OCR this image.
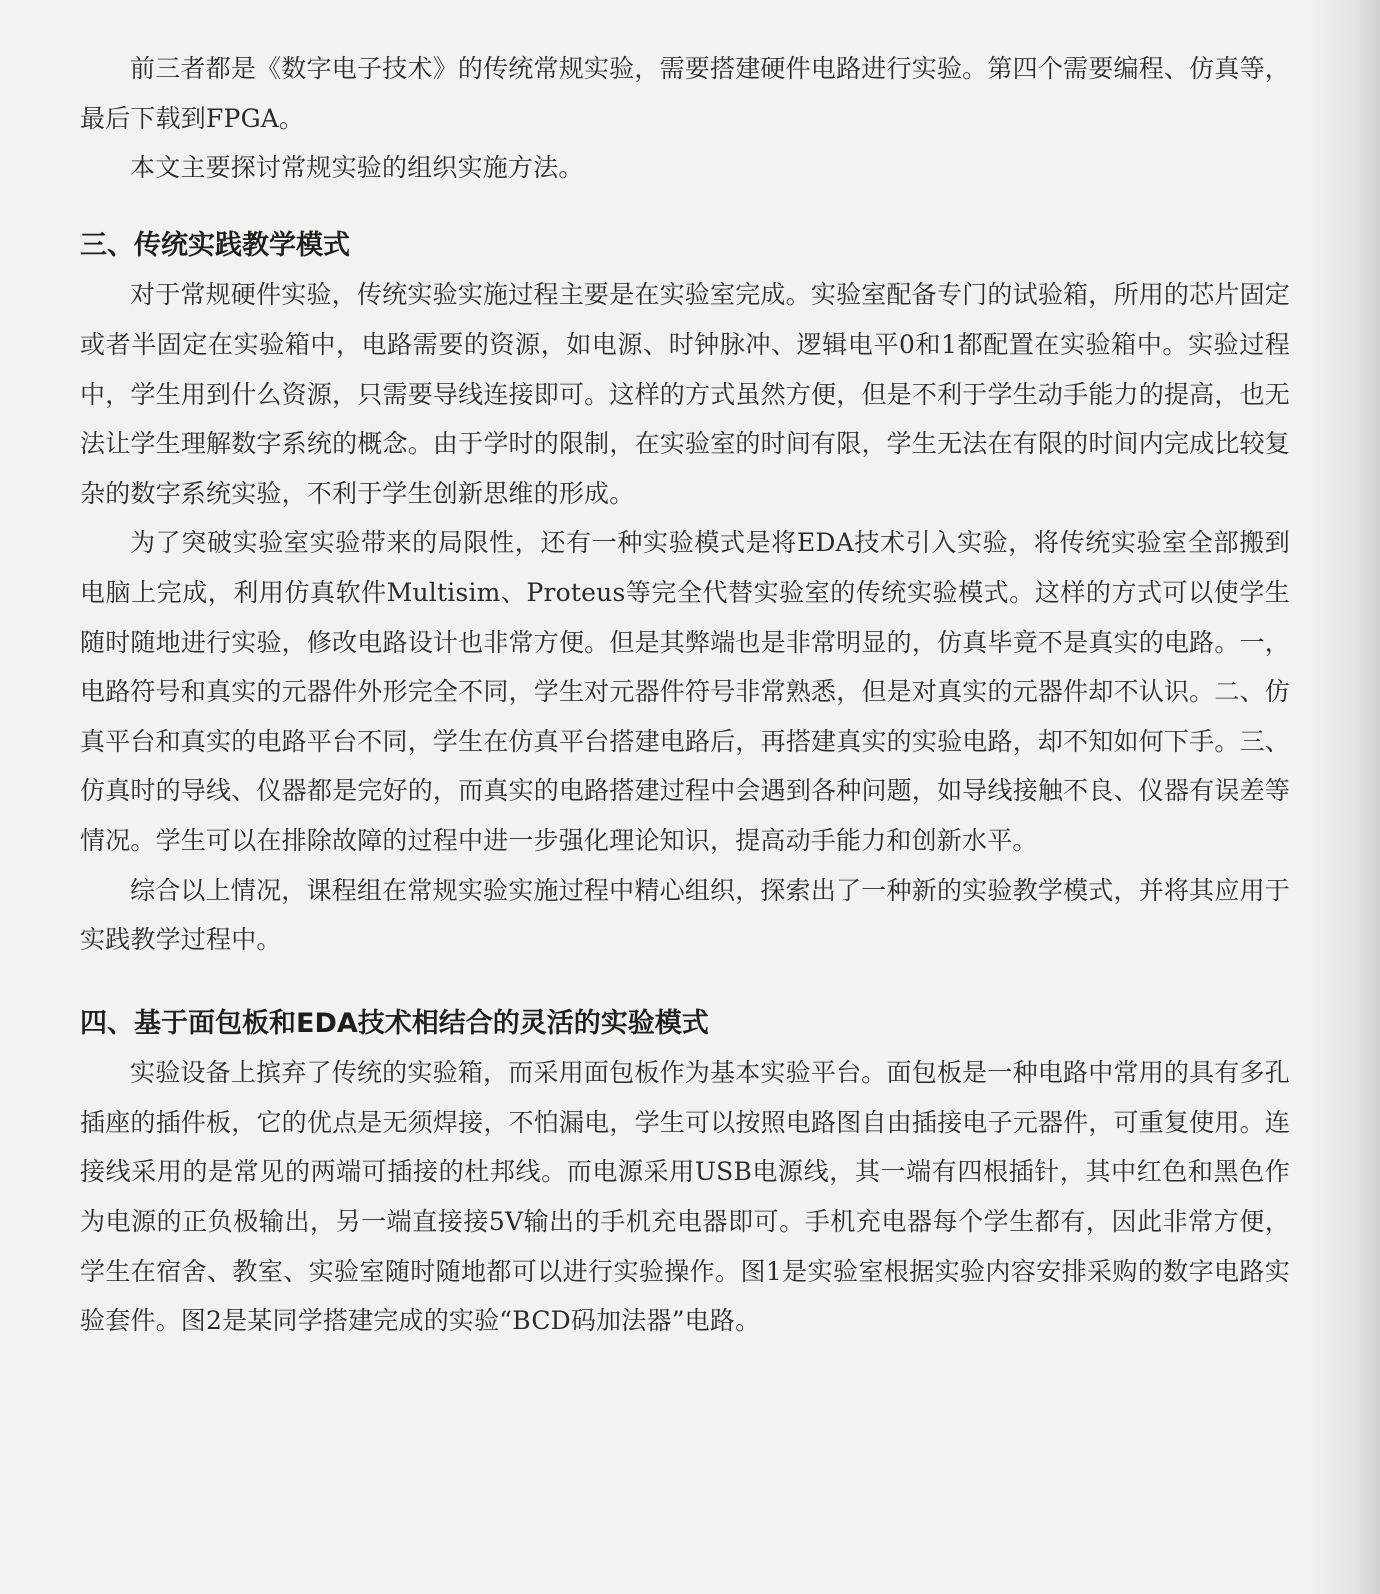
前三者都是《数字电子技术》的传统常规实验，需要搭建硬件电路进行实验。第四个需要编程、仿真等，最后下载到FPGA。

本文主要探讨常规实验的组织实施方法。

三、传统实践教学模式

对于常规硬件实验，传统实验实施过程主要是在实验室完成。实验室配备专门的试验箱，所用的芯片固定或者半固定在实验箱中，电路需要的资源，如电源、时钟脉冲、逻辑电平0和1都配置在实验箱中。实验过程中，学生用到什么资源，只需要导线连接即可。这样的方式虽然方便，但是不利于学生动手能力的提高，也无法让学生理解数字系统的概念。由于学时的限制，在实验室的时间有限，学生无法在有限的时间内完成比较复杂的数字系统实验，不利于学生创新思维的形成。

为了突破实验室实验带来的局限性，还有一种实验模式是将EDA技术引入实验，将传统实验室全部搬到电脑上完成，利用仿真软件Multisim、Proteus等完全代替实验室的传统实验模式。这样的方式可以使学生随时随地进行实验，修改电路设计也非常方便。但是其弊端也是非常明显的，仿真毕竟不是真实的电路。一，电路符号和真实的元器件外形完全不同，学生对元器件符号非常熟悉，但是对真实的元器件却不认识。二、仿真平台和真实的电路平台不同，学生在仿真平台搭建电路后，再搭建真实的实验电路，却不知如何下手。三、仿真时的导线、仪器都是完好的，而真实的电路搭建过程中会遇到各种问题，如导线接触不良、仪器有误差等情况。学生可以在排除故障的过程中进一步强化理论知识，提高动手能力和创新水平。

综合以上情况，课程组在常规实验实施过程中精心组织，探索出了一种新的实验教学模式，并将其应用于实践教学过程中。

四、基于面包板和EDA技术相结合的灵活的实验模式

实验设备上摈弃了传统的实验箱，而采用面包板作为基本实验平台。面包板是一种电路中常用的具有多孔插座的插件板，它的优点是无须焊接，不怕漏电，学生可以按照电路图自由插接电子元器件，可重复使用。连接线采用的是常见的两端可插接的杜邦线。而电源采用USB电源线，其一端有四根插针，其中红色和黑色作为电源的正负极输出，另一端直接接5V输出的手机充电器即可。手机充电器每个学生都有，因此非常方便，学生在宿舍、教室、实验室随时随地都可以进行实验操作。图1是实验室根据实验内容安排采购的数字电路实验套件。图2是某同学搭建完成的实验“BCD码加法器”电路。
